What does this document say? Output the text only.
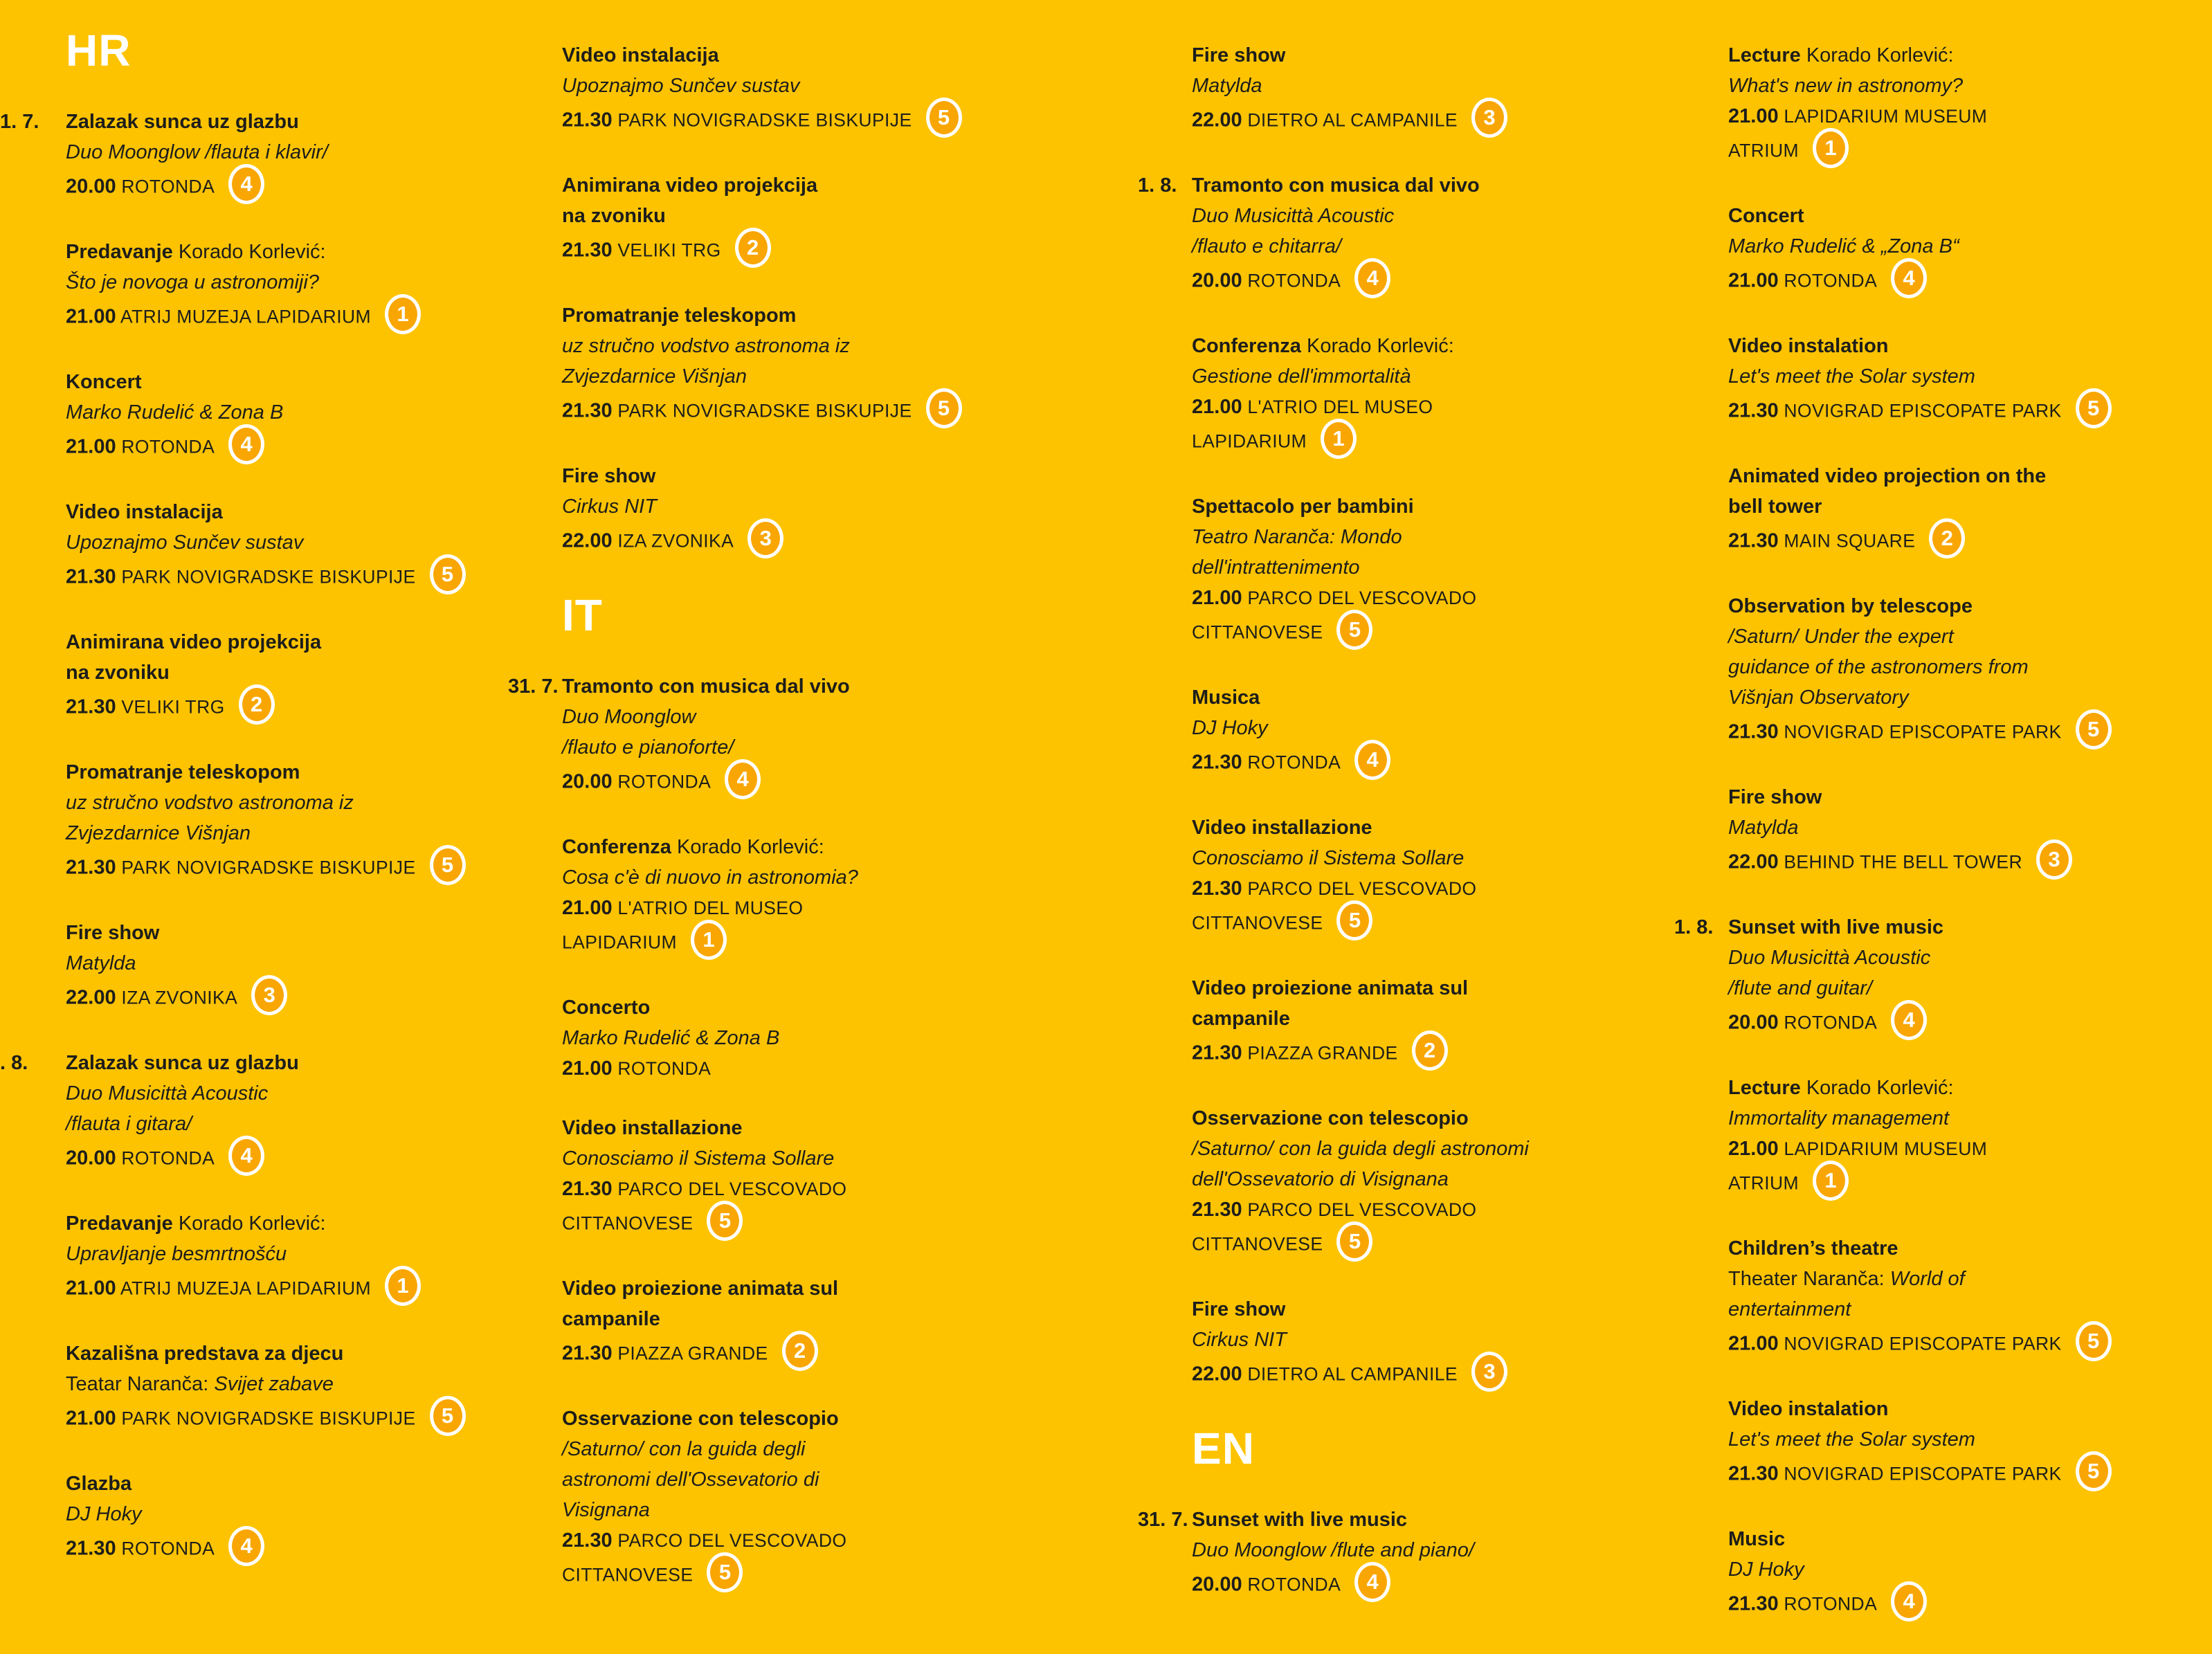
HR
1. 7. Zalazak sunca uz glazbu
Duo Moonglow /flauta i klavir/
20.00 ROTONDA 4
Predavanje Korado Korlević:
Što je novoga u astronomiji?
21.00 ATRIJ MUZEJA LAPIDARIUM 1
Koncert
Marko Rudelić & Zona B
21.00 ROTONDA 4
Video instalacija
Upoznajmo Sunčev sustav
21.30 PARK NOVIGRADSKE BISKUPIJE 5
Animirana video projekcija
na zvoniku
21.30 VELIKI TRG 2
Promatranje teleskopom
uz stručno vodstvo astronoma iz
Zvjezdarnice Višnjan
21.30 PARK NOVIGRADSKE BISKUPIJE 5
Fire show
Matylda
22.00 IZA ZVONIKA 3
. 8. Zalazak sunca uz glazbu
Duo Musicittà Acoustic
/flauta i gitara/
20.00 ROTONDA 4
Predavanje Korado Korlević:
Upravljanje besmrtnošću
21.00 ATRIJ MUZEJA LAPIDARIUM 1
Kazališna predstava za djecu
Teatar Naranča: Svijet zabave
21.00 PARK NOVIGRADSKE BISKUPIJE 5
Glazba
DJ Hoky
21.30 ROTONDA 4
Video instalacija
Upoznajmo Sunčev sustav
21.30 PARK NOVIGRADSKE BISKUPIJE 5
Animirana video projekcija
na zvoniku
21.30 VELIKI TRG 2
Promatranje teleskopom
uz stručno vodstvo astronoma iz
Zvjezdarnice Višnjan
21.30 PARK NOVIGRADSKE BISKUPIJE 5
Fire show
Cirkus NIT
22.00 IZA ZVONIKA 3
IT
31. 7. Tramonto con musica dal vivo
Duo Moonglow
/flauto e pianoforte/
20.00 ROTONDA 4
Conferenza Korado Korlević:
Cosa c'è di nuovo in astronomia?
21.00 L'ATRIO DEL MUSEO
LAPIDARIUM 1
Concerto
Marko Rudelić & Zona B
21.00 ROTONDA
Video installazione
Conosciamo il Sistema Sollare
21.30 PARCO DEL VESCOVADO
CITTANOVESE 5
Video proiezione animata sul
campanile
21.30 PIAZZA GRANDE 2
Osservazione con telescopio
/Saturno/ con la guida degli
astronomi dell'Ossevatorio di
Visignana
21.30 PARCO DEL VESCOVADO
CITTANOVESE 5
Fire show
Matylda
22.00 DIETRO AL CAMPANILE 3
1. 8. Tramonto con musica dal vivo
Duo Musicittà Acoustic
/flauto e chitarra/
20.00 ROTONDA 4
Conferenza Korado Korlević:
Gestione dell'immortalità
21.00 L'ATRIO DEL MUSEO
LAPIDARIUM 1
Spettacolo per bambini
Teatro Naranča: Mondo
dell'intrattenimento
21.00 PARCO DEL VESCOVADO
CITTANOVESE 5
Musica
DJ Hoky
21.30 ROTONDA 4
Video installazione
Conosciamo il Sistema Sollare
21.30 PARCO DEL VESCOVADO
CITTANOVESE 5
Video proiezione animata sul
campanile
21.30 PIAZZA GRANDE 2
Osservazione con telescopio
/Saturno/ con la guida degli astronomi
dell'Ossevatorio di Visignana
21.30 PARCO DEL VESCOVADO
CITTANOVESE 5
Fire show
Cirkus NIT
22.00 DIETRO AL CAMPANILE 3
EN
31. 7. Sunset with live music
Duo Moonglow /flute and piano/
20.00 ROTONDA 4
Lecture Korado Korlević:
What's new in astronomy?
21.00 LAPIDARIUM MUSEUM
ATRIUM 1
Concert
Marko Rudelić & „Zona B“
21.00 ROTONDA 4
Video instalation
Let's meet the Solar system
21.30 NOVIGRAD EPISCOPATE PARK 5
Animated video projection on the
bell tower
21.30 MAIN SQUARE 2
Observation by telescope
/Saturn/ Under the expert
guidance of the astronomers from
Višnjan Observatory
21.30 NOVIGRAD EPISCOPATE PARK 5
Fire show
Matylda
22.00 BEHIND THE BELL TOWER 3
1. 8. Sunset with live music
Duo Musicittà Acoustic
/flute and guitar/
20.00 ROTONDA 4
Lecture Korado Korlević:
Immortality management
21.00 LAPIDARIUM MUSEUM
ATRIUM 1
Children’s theatre
Theater Naranča: World of
entertainment
21.00 NOVIGRAD EPISCOPATE PARK 5
Video instalation
Let's meet the Solar system
21.30 NOVIGRAD EPISCOPATE PARK 5
Music
DJ Hoky
21.30 ROTONDA 4
